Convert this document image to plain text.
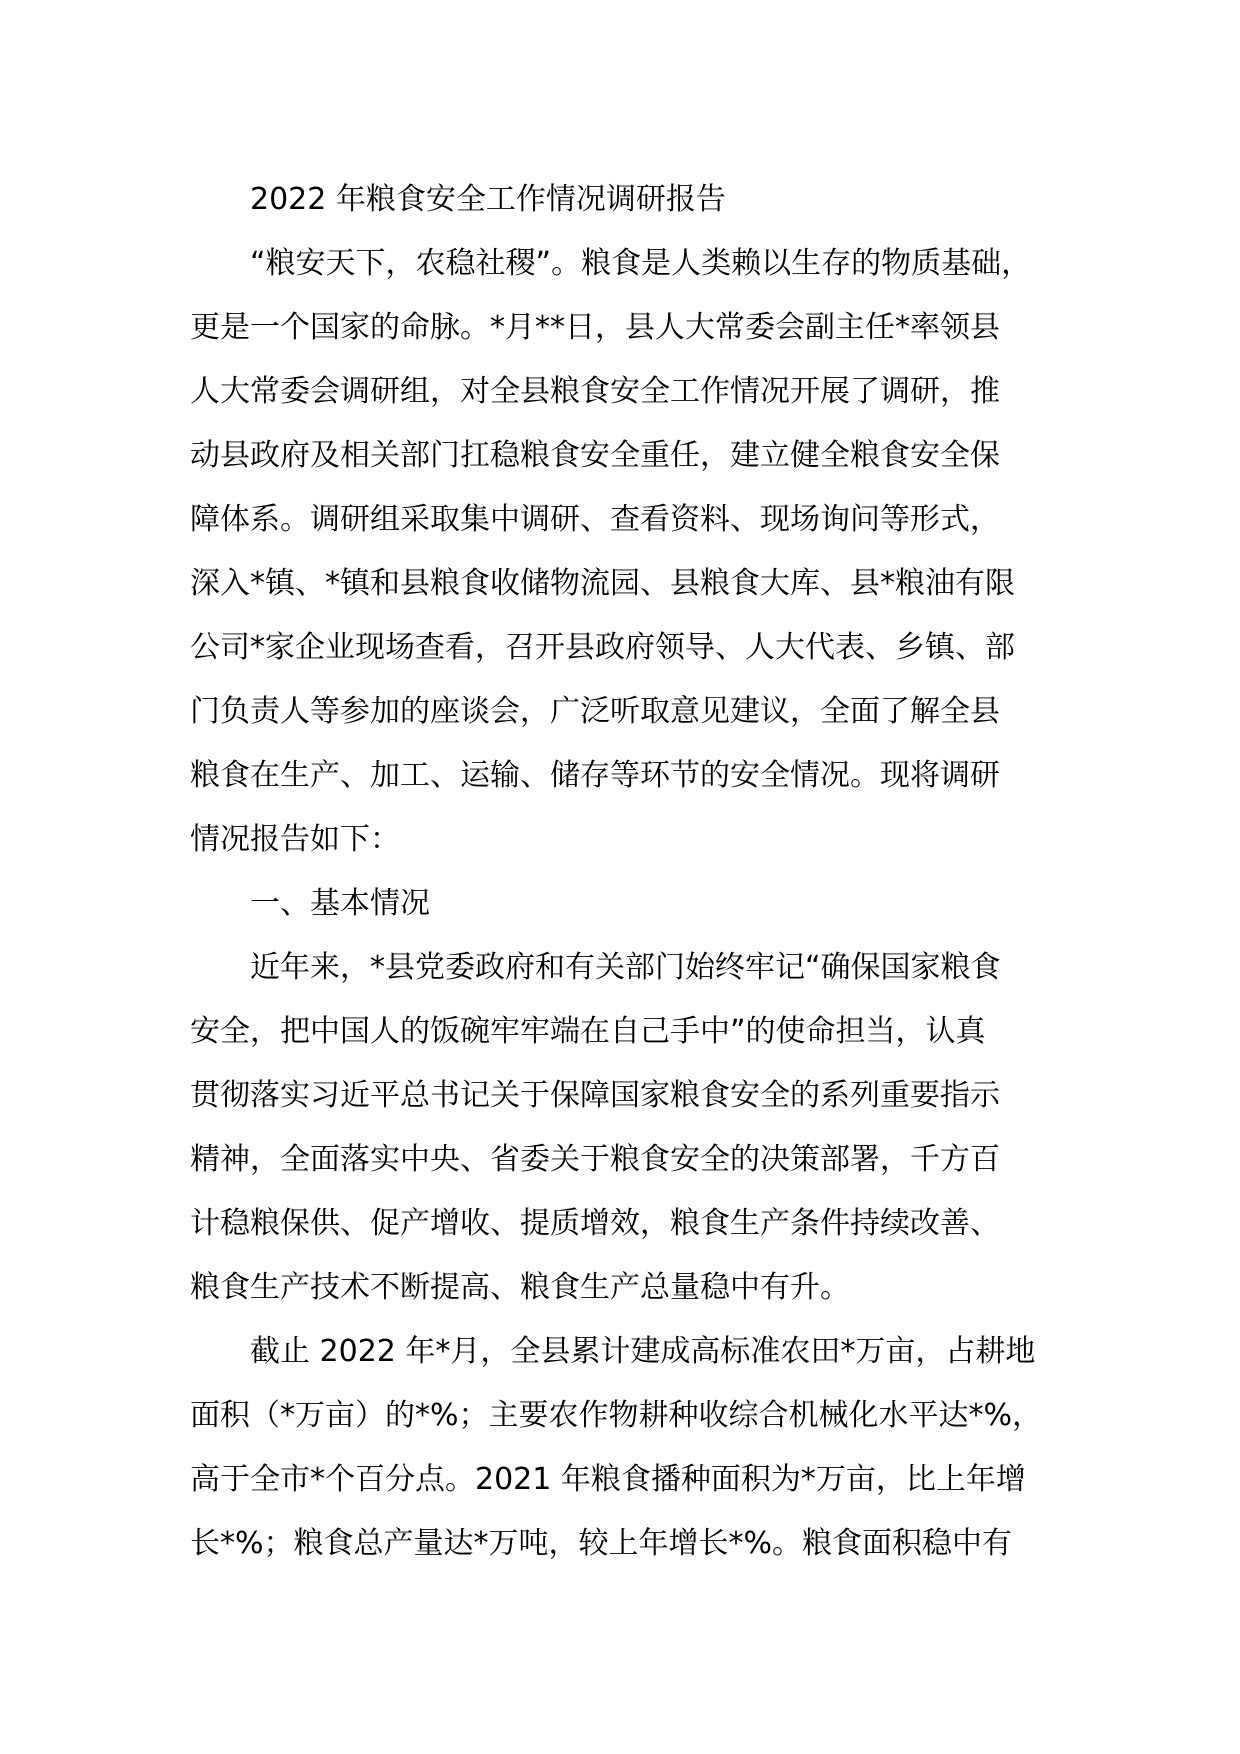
2022 年粮食安全工作情况调研报告

“粮安天下，农稳社稷”。粮食是人类赖以生存的物质基础，
更是一个国家的命脉。*月**日，县人大常委会副主任*率领县
人大常委会调研组，对全县粮食安全工作情况开展了调研，推
动县政府及相关部门扛稳粮食安全重任，建立健全粮食安全保
障体系。调研组采取集中调研、查看资料、现场询问等形式，
深入*镇、*镇和县粮食收储物流园、县粮食大库、县*粮油有限
公司*家企业现场查看，召开县政府领导、人大代表、乡镇、部
门负责人等参加的座谈会，广泛听取意见建议，全面了解全县
粮食在生产、加工、运输、储存等环节的安全情况。现将调研
情况报告如下：

一、基本情况

近年来，*县党委政府和有关部门始终牢记“确保国家粮食
安全，把中国人的饭碗牢牢端在自己手中”的使命担当，认真
贯彻落实习近平总书记关于保障国家粮食安全的系列重要指示
精神，全面落实中央、省委关于粮食安全的决策部署，千方百
计稳粮保供、促产增收、提质增效，粮食生产条件持续改善、
粮食生产技术不断提高、粮食生产总量稳中有升。

截止 2022 年*月，全县累计建成高标准农田*万亩，占耕地
面积（*万亩）的*%；主要农作物耕种收综合机械化水平达*%，
高于全市*个百分点。2021 年粮食播种面积为*万亩，比上年增
长*%；粮食总产量达*万吨，较上年增长*%。粮食面积稳中有
